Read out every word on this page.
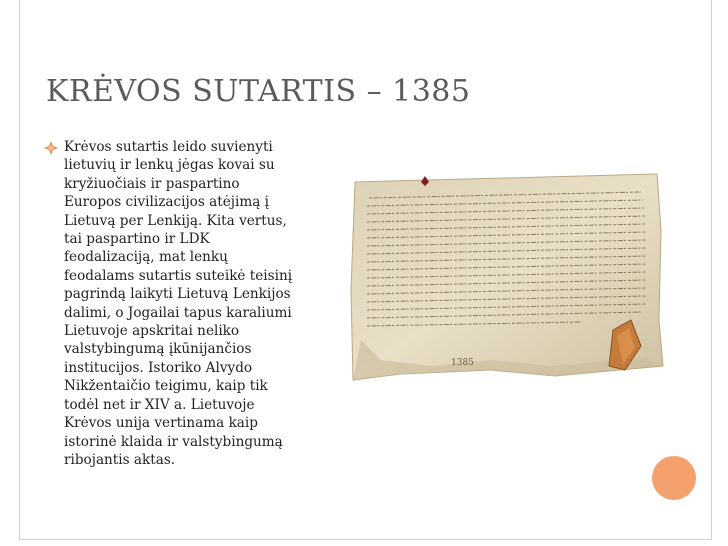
KRĖVOS SUTARTIS – 1385
Krėvos sutartis leido suvienyti
lietuvių ir lenkų jėgas kovai su
kryžiuočiais ir paspartino
Europos civilizacijos atėjimą į
Lietuvą per Lenkiją. Kita vertus,
tai paspartino ir LDK
feodalizaciją, mat lenkų
feodalams sutartis suteikė teisinį
pagrindą laikyti Lietuvą Lenkijos
dalimi, o Jogailai tapus karaliumi
Lietuvoje apskritai neliko
valstybingumą įkūnijančios
institucijos. Istoriko Alvydo
Nikžentaičio teigimu, kaip tik
todėl net ir XIV a. Lietuvoje
Krėvos unija vertinama kaip
istorinė klaida ir valstybingumą
ribojantis aktas.
1385
